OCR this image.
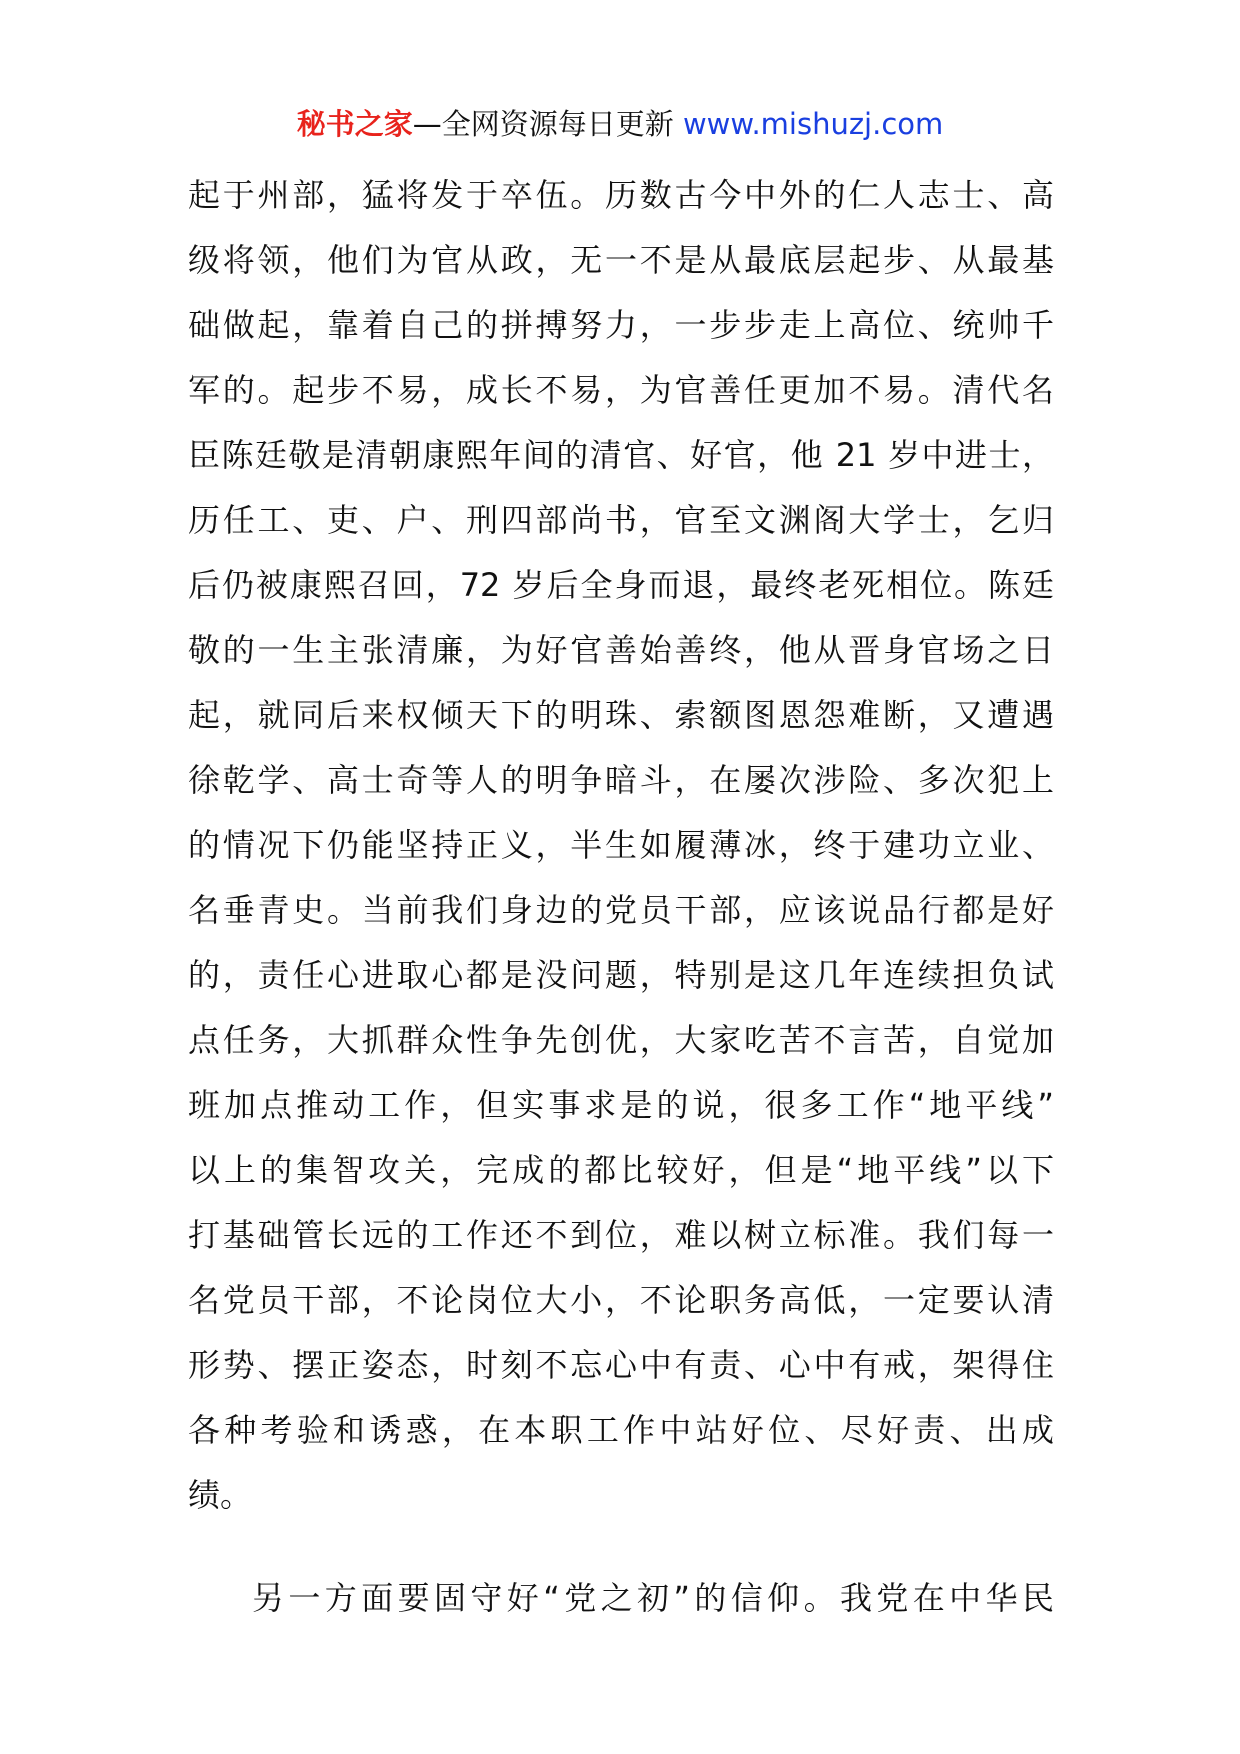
秘书之家—全网资源每日更新 www.mishuzj.com
起于州部，猛将发于卒伍。历数古今中外的仁人志士、高
级将领，他们为官从政，无一不是从最底层起步、从最基
础做起，靠着自己的拼搏努力，一步步走上高位、统帅千
军的。起步不易，成长不易，为官善任更加不易。清代名
臣陈廷敬是清朝康熙年间的清官、好官，他 21 岁中进士，
历任工、吏、户、刑四部尚书，官至文渊阁大学士，乞归
后仍被康熙召回，72 岁后全身而退，最终老死相位。陈廷
敬的一生主张清廉，为好官善始善终，他从晋身官场之日
起，就同后来权倾天下的明珠、索额图恩怨难断，又遭遇
徐乾学、高士奇等人的明争暗斗，在屡次涉险、多次犯上
的情况下仍能坚持正义，半生如履薄冰，终于建功立业、
名垂青史。当前我们身边的党员干部，应该说品行都是好
的，责任心进取心都是没问题，特别是这几年连续担负试
点任务，大抓群众性争先创优，大家吃苦不言苦，自觉加
班加点推动工作，但实事求是的说，很多工作“地平线”
以上的集智攻关，完成的都比较好，但是“地平线”以下
打基础管长远的工作还不到位，难以树立标准。我们每一
名党员干部，不论岗位大小，不论职务高低，一定要认清
形势、摆正姿态，时刻不忘心中有责、心中有戒，架得住
各种考验和诱惑，在本职工作中站好位、尽好责、出成
绩。
另一方面要固守好“党之初”的信仰。我党在中华民
